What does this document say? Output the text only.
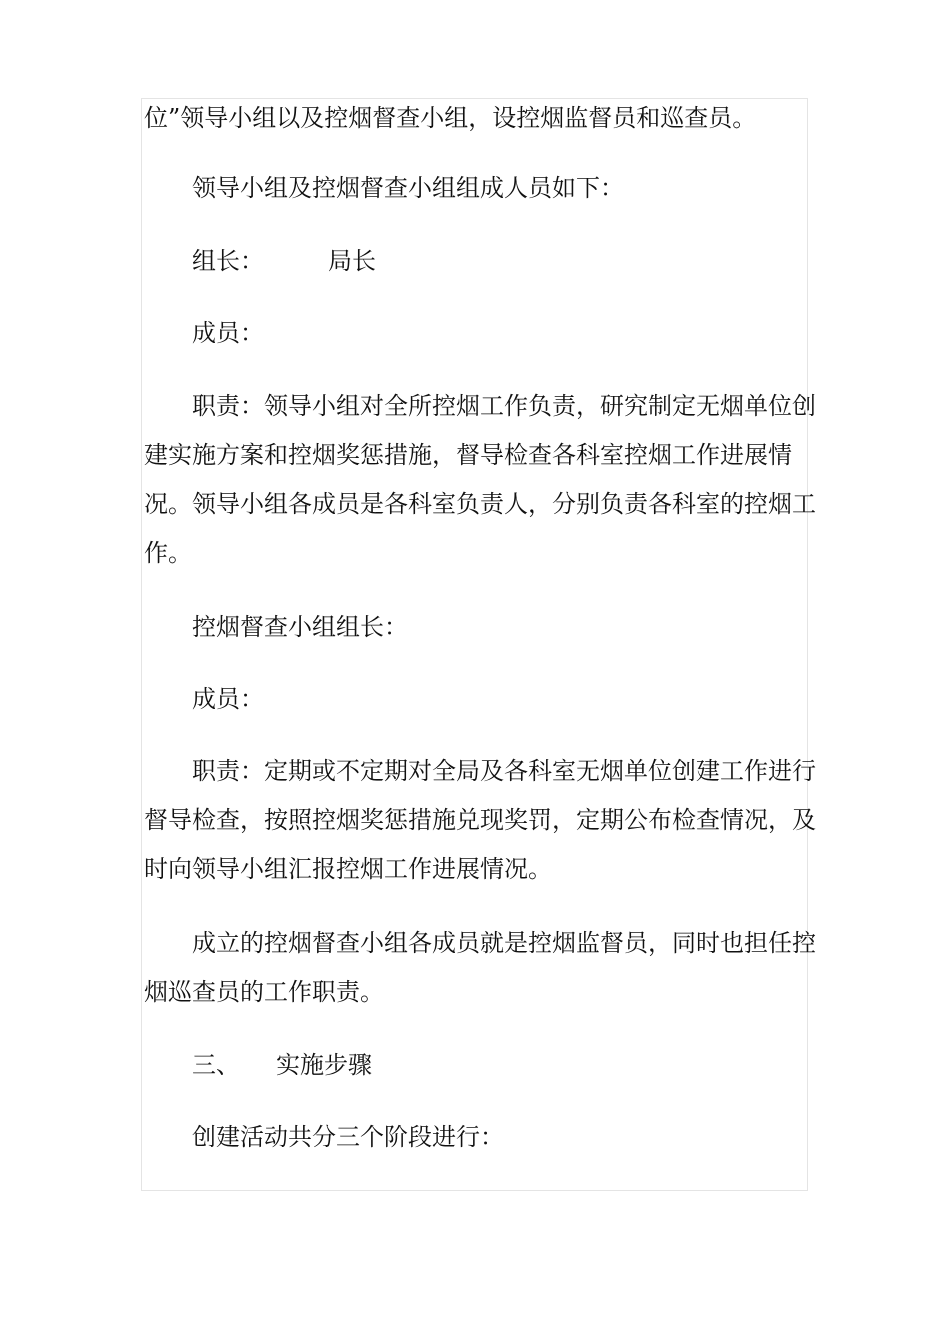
位”领导小组以及控烟督查小组，设控烟监督员和巡查员。

领导小组及控烟督查小组组成人员如下：

组长：	局长

成员：

职责：领导小组对全所控烟工作负责，研究制定无烟单位创
建实施方案和控烟奖惩措施，督导检查各科室控烟工作进展情
况。领导小组各成员是各科室负责人，分别负责各科室的控烟工
作。

控烟督查小组组长：

成员：

职责：定期或不定期对全局及各科室无烟单位创建工作进行
督导检查，按照控烟奖惩措施兑现奖罚，定期公布检查情况，及
时向领导小组汇报控烟工作进展情况。

成立的控烟督查小组各成员就是控烟监督员，同时也担任控
烟巡查员的工作职责。

三、 实施步骤

创建活动共分三个阶段进行：
